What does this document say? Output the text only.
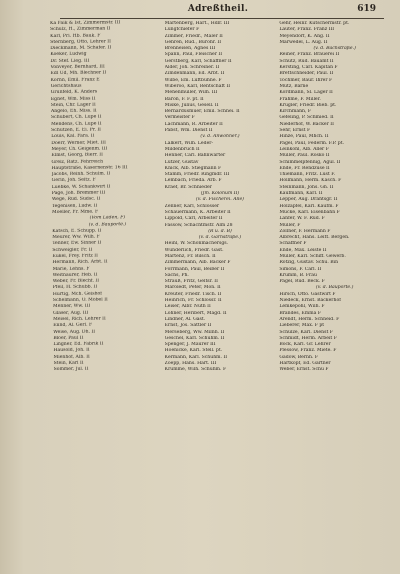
Adreßtheil.	619
Ka Faik & Ist, Zimmermstr. III
Schulz, H., Zimmerman II
Karl, Pri. Hb. Bauk. F
Sternberg, Otto, Lehrer II
Dieckmann, M. Schäfer. II
Koeker, Ludwig
Dr. Stef. Lieg. III
Vonveyer, Bernhard, III
Edl Ud, Mh. Blechner II
Kornn, Emil. Franz E
Gerichtshaus
Grunfeld, K. Anders
Egnet, Wm. Miss II
Stein, Chr. Lager II
Angelo, Eh. Miss. II
Schubert, Ch. Lupe II
Mendens, Ch. Lupe II
Schutzen, E. Ei. Pr. II
Louis, Kal. Fara. II
Doerr, Werner, Miet. III
Meyer, Ch. Geigenm. III
Elmst, Georg, Bierr. II
Greiz, Ratz. Fehrreich
Hauptstraße, Kasernenstr. 16 III
Jacobs, Reinh. Schulm. II
Gerin, Joh. Seltz. F
Luebke, W. Schankwirt II
Page, Joh. Bremmer III
Wege, Rud. Sudsc. II
Tegenisen, Ludw. II
Moeller, Fr. Mme. F
(Vom Laden, F)
(v. d. Bauporte.)
Katsch, E. Schupp. II
Meurer, Ww. Wilh. F
Tenner, Ew. Sinner II
Schweigler, Fr. II
Eukel, Frey. Fritz II
Hermann, Rich. Arbt. II
Marie, Lehns. F
Weitnaurer, Heb. II
Weber, Fr. Blechf. II
Pfeil, H. Schubb. II
Hurtig, Mch. Geishof
Schelmann, O. Möbel II
Menner, Ww. III
Glaser, Aug. III
Meisel, Rich. Lehrer II
Ennd, Al. Gerl. F
Weise, Aug. Dh. II
Bloer, Paul II
Lingner, Ed. Fabrik II
Hausold, Joh. II
Mienhof, Alb. II
Stein, Karl II
Sommer, Jul. II
Martenberg, Hart., Hdlr. III
Lungfchiefer F
Zimmer, Friedr., Maler II
Gehren, Rud., Bürohr. II
Brenneisen, Agnes III
Spann, Paul, Fleischer II
Gerstberg, Karl, Schaffner II
Alder, Joh. Schreiner. II
Zimdenmann, Ed. Arbt. II
Wilbe, Em. Lüftbühne. F
Wiberoo, Karl, Rentschaft II
Mehenmüller, Wilh. III
Baron, F. F. pt. II
Miske, Julius, Gesell. II
Bernardusmuer, Emil. Schnei. II
Vermeister F
Lachmann, R. Arbeiter II
Pabst, Wm. Dienst II
(v. d. Anwohner.)
Lalkert, Wilh. Leder-
Mildenbruch II
Henner, Carl. Bahnwärter
Lützer, Gustav
Knick, Alb. Stiegmann F
Stamm, Friedr. Ringmdr. III
Lembach, Frieda. Arb. F
Kraef, Br. Schnieder
(Jm. Kolonum II)
(v. d. Fischerei. Alle)
Zenner, Karl, Schlosser
Schauermann, K. Arbeiter II
Lippold, Carl, Arbeiter II
Fassow, Schachtmstr. Alm 28
(R u. d. B)
(v. d. Garnstraße.)
Heinl, W. Schönmachersgs.
Wunderlich, Friedr. Gast.
Martenz, Fr. Bilsch. II
Zimmermann, Alb. Bäcker F
Forrmann, Paul, Beißer II
Sachs, Ph.
Strauß, Fritz, Geltsr. II
Maroledt, Peter, Mon. II
Kreuter, Friedr. Tisch. II
Heinrich, Fr. Schlossr. II
Leiser, Albr. Nuth II
Lohner, Heribert, Magd. II
Lindner, Al. Gast.
Ernst, Jos. Sattler II
Merseberg, Ww. Milnh. II
Geschel, Karl. Schuhm. II
Spenger, J. Maurer III
Hoenicke, Karl. Stell. pt.
Kermann, Karl. Schuhm. II
Zoepp, Hans. Hart. III
Krumme, Wilh. Schuhm. F
Gehr, Heinr. Kutschermstr. pt.
Lauter, Franz. Franz III
Meyendorf, K. Ang. II
Marwedel, L. Aug. II
(v. d. Bachstraße.)
Reiner, Franz. Brauerei II
Schütz, Rud. Bauamt II
Kersting, Carl. Kapitän F
Brettschneider, Paul. II
Tochmer, Baur. Ihrer F
Mutz, Barne
Kordmann, Sl. Lager II
Frahme, F. Miller.
Krügler, Friedr. Bieb. pt.
Kirchmann, F
Gefeling, P. Schmied. II
Niederhof, W. Bäcker II
Sehr, Ernst F
Hinze, Paul, Mhch. II
Pagel, Paul, Federm. F.P. pt.
Leinkohl, Alb. Aller F
Müller, Paul. Rosko II
Schimmelpfennig, Agul. II
Ende, Fr. Rendzuse II
Thiemann, Fritz. Lust F.
Hollmann, Herm. Kasch. F
Steinmann, Johs. Gh. II
Kaufmann, Karl. II
Lepper, Aug. Drahtsgr. II
Holzapfel, Karl. Kaufm. F
Mücke, Karl. Eisenbahn F
Lanfer, W. F. Rud. F
Müller, F
Zollner, F. Hermann F
Albrecht, Hans. Leitt. Bergen.
Schaffner F
Ende, Max. Leiste II
Müller, Karl. Schiff. Gewerb.
Rotzig, Gustav. Schu. Bin
Simons, F. Carl. II
Krumm, B. Frau
Pagel, Rud. Beck. F
(v. d. Bauporte.)
Hirsch, Otto. Gastwirt F
Niedeck, Ernst. Bäckerhof
Lemkepohl, Wilh. F
Brandes, Emma F
Arendt, Herm. Schneid. F
Lieberer, Max. F pt
Schulze, Karl. Dienst F
Schmidt, Herm. Arbeit F
Bock, Karl. Gr. Lehrer
Plessow, Franz. Miete. F
Gadow, Bernh. F
Hartkopf, Ed. Gärtner
Weber, Ernst. Schu F
